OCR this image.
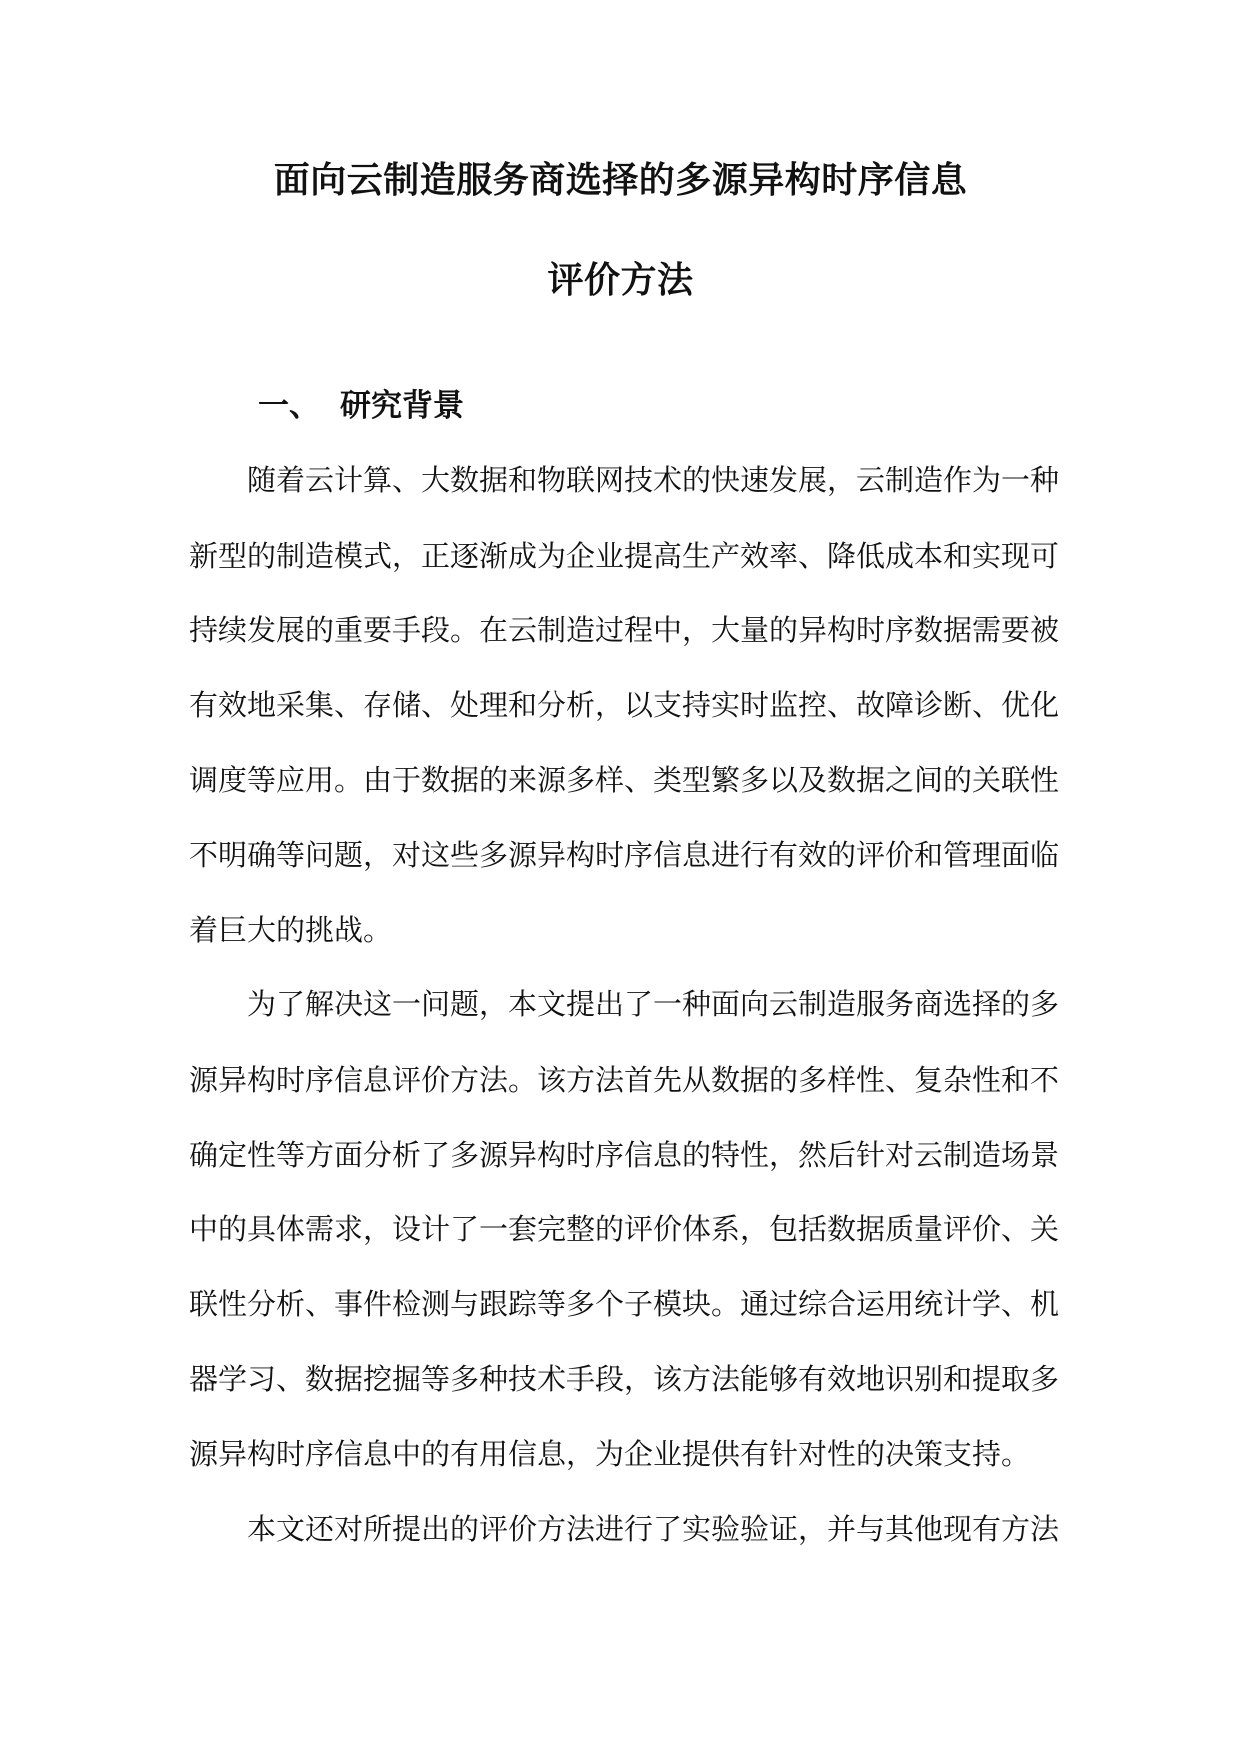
面向云制造服务商选择的多源异构时序信息
评价方法
一、 研究背景
随着云计算、大数据和物联网技术的快速发展，云制造作为一种
新型的制造模式，正逐渐成为企业提高生产效率、降低成本和实现可
持续发展的重要手段。在云制造过程中，大量的异构时序数据需要被
有效地采集、存储、处理和分析，以支持实时监控、故障诊断、优化
调度等应用。由于数据的来源多样、类型繁多以及数据之间的关联性
不明确等问题，对这些多源异构时序信息进行有效的评价和管理面临
着巨大的挑战。
为了解决这一问题，本文提出了一种面向云制造服务商选择的多
源异构时序信息评价方法。该方法首先从数据的多样性、复杂性和不
确定性等方面分析了多源异构时序信息的特性，然后针对云制造场景
中的具体需求，设计了一套完整的评价体系，包括数据质量评价、关
联性分析、事件检测与跟踪等多个子模块。通过综合运用统计学、机
器学习、数据挖掘等多种技术手段，该方法能够有效地识别和提取多
源异构时序信息中的有用信息，为企业提供有针对性的决策支持。
本文还对所提出的评价方法进行了实验验证，并与其他现有方法
